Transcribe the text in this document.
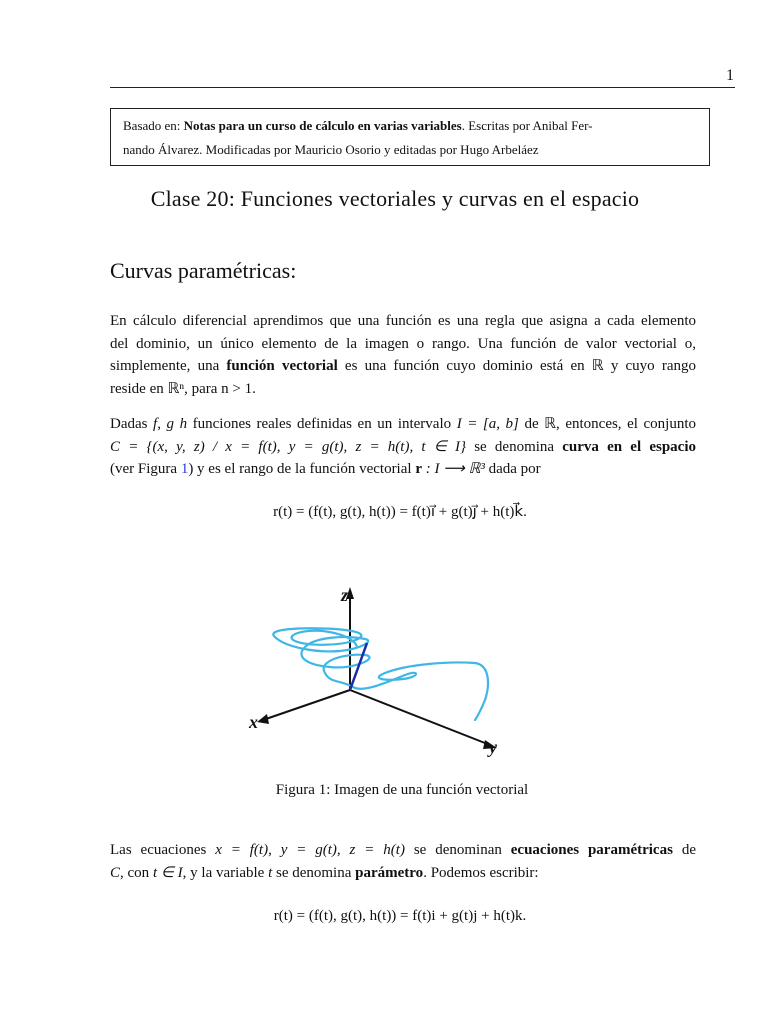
1
Basado en: Notas para un curso de cálculo en varias variables. Escritas por Anibal Fer-
nando Álvarez. Modificadas por Mauricio Osorio y editadas por Hugo Arbeláez
Clase 20: Funciones vectoriales y curvas en el espacio
Curvas paramétricas:
En cálculo diferencial aprendimos que una función es una regla que asigna a cada elemento
del dominio, un único elemento de la imagen o rango. Una función de valor vectorial o,
simplemente, una función vectorial es una función cuyo dominio está en ℝ y cuyo rango
reside en ℝⁿ, para n > 1.
Dadas f, g h funciones reales definidas en un intervalo I = [a, b] de ℝ, entonces, el conjunto
C = {(x, y, z) / x = f(t), y = g(t), z = h(t), t ∈ I} se denomina curva en el espacio
(ver Figura 1) y es el rango de la función vectorial r : I ⟶ ℝ³ dada por
r(t) = (f(t), g(t), h(t)) = f(t)i⃗ + g(t)j⃗ + h(t)k⃗.
z
x
y
Figura 1: Imagen de una función vectorial
Las ecuaciones x = f(t), y = g(t), z = h(t) se denominan ecuaciones paramétricas de
C, con t ∈ I, y la variable t se denomina parámetro. Podemos escribir:
r(t) = (f(t), g(t), h(t)) = f(t)i + g(t)j + h(t)k.
